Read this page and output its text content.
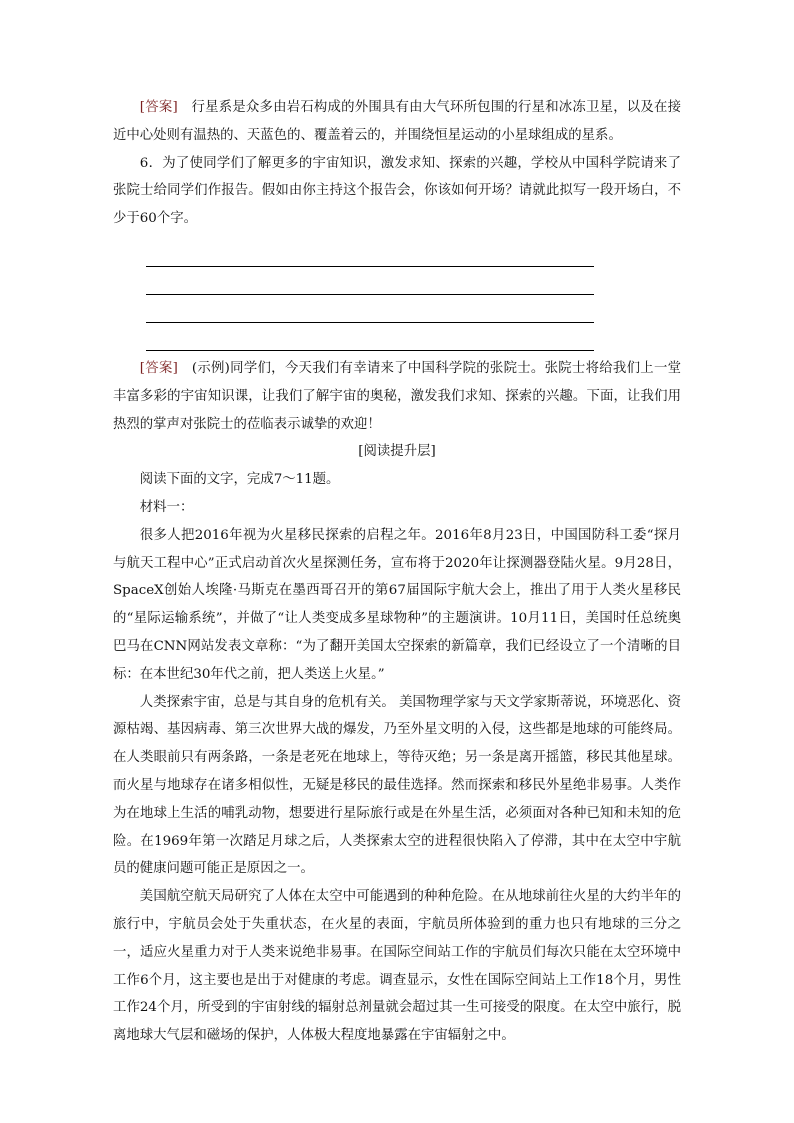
[答案]　 行星系是众多由岩石构成的外围具有由大气环所包围的行星和冰冻卫星，以及在接近中心处则有温热的、天蓝色的、覆盖着云的，并围绕恒星运动的小星球组成的星系。

6．为了使同学们了解更多的宇宙知识，激发求知、探索的兴趣，学校从中国科学院请来了张院士给同学们作报告。假如由你主持这个报告会，你该如何开场？请就此拟写一段开场白，不少于60个字。

[答案]　 (示例)同学们，今天我们有幸请来了中国科学院的张院士。张院士将给我们上一堂丰富多彩的宇宙知识课，让我们了解宇宙的奥秘，激发我们求知、探索的兴趣。下面，让我们用热烈的掌声对张院士的莅临表示诚挚的欢迎！

[阅读提升层]

阅读下面的文字，完成7～11题。

材料一：

很多人把2016年视为火星移民探索的启程之年。2016年8月23日，中国国防科工委“探月与航天工程中心”正式启动首次火星探测任务，宣布将于2020年让探测器登陆火星。9月28日，SpaceX创始人埃隆·马斯克在墨西哥召开的第67届国际宇航大会上，推出了用于人类火星移民的“星际运输系统”，并做了“让人类变成多星球物种”的主题演讲。10月11日，美国时任总统奥巴马在CNN网站发表文章称：“为了翻开美国太空探索的新篇章，我们已经设立了一个清晰的目标：在本世纪30年代之前，把人类送上火星。”

人类探索宇宙，总是与其自身的危机有关。 美国物理学家与天文学家斯蒂说，环境恶化、资源枯竭、基因病毒、第三次世界大战的爆发，乃至外星文明的入侵，这些都是地球的可能终局。在人类眼前只有两条路，一条是老死在地球上，等待灭绝；另一条是离开摇篮，移民其他星球。而火星与地球存在诸多相似性，无疑是移民的最佳选择。然而探索和移民外星绝非易事。人类作为在地球上生活的哺乳动物，想要进行星际旅行或是在外星生活，必须面对各种已知和未知的危险。在1969年第一次踏足月球之后，人类探索太空的进程很快陷入了停滞，其中在太空中宇航员的健康问题可能正是原因之一。

美国航空航天局研究了人体在太空中可能遇到的种种危险。在从地球前往火星的大约半年的旅行中，宇航员会处于失重状态，在火星的表面，宇航员所体验到的重力也只有地球的三分之一，适应火星重力对于人类来说绝非易事。在国际空间站工作的宇航员们每次只能在太空环境中工作6个月，这主要也是出于对健康的考虑。调查显示，女性在国际空间站上工作18个月，男性工作24个月，所受到的宇宙射线的辐射总剂量就会超过其一生可接受的限度。在太空中旅行，脱离地球大气层和磁场的保护，人体极大程度地暴露在宇宙辐射之中。
